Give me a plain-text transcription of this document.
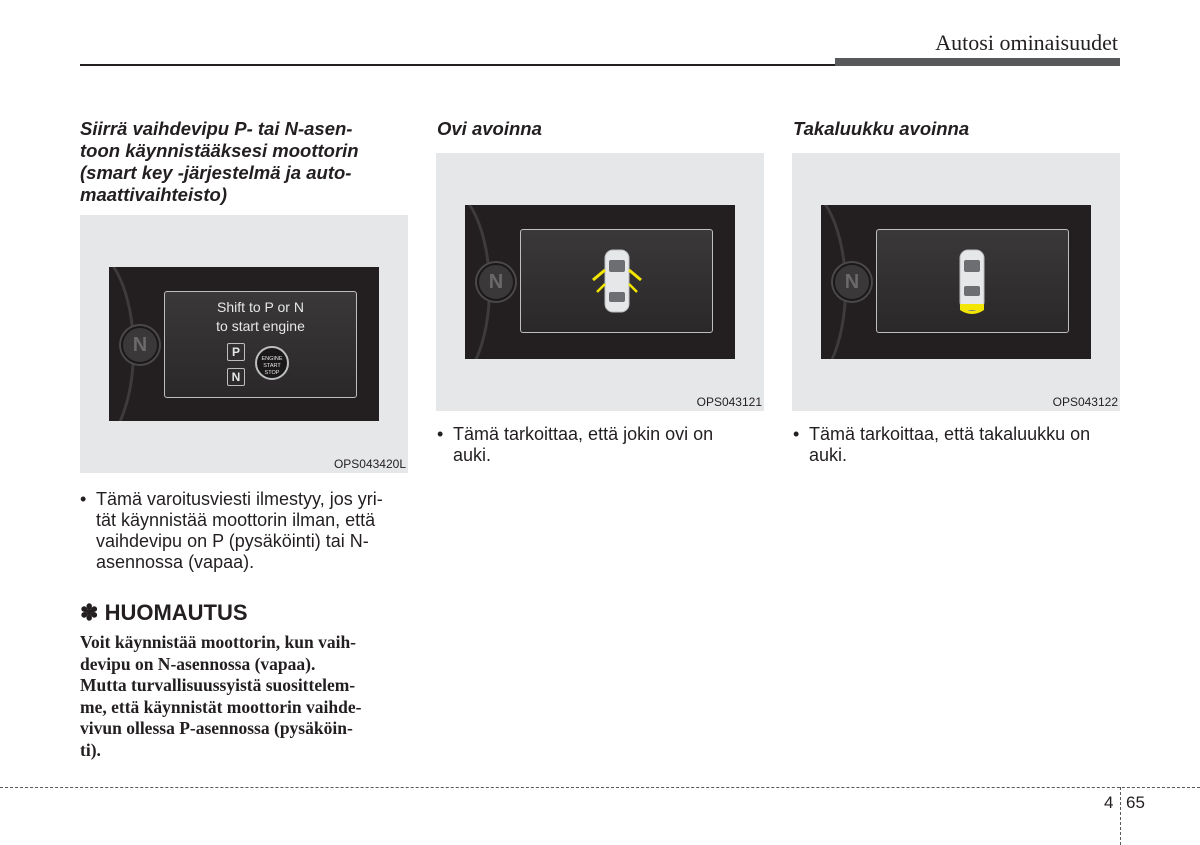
Autosi ominaisuudet
Siirrä vaihdevipu P- tai N-asen-
toon käynnistääksesi moottorin
(smart key -järjestelmä ja auto-
maattivaihteisto)
N
Shift to P or N
to start engine
P
N
ENGINE
START
STOP
OPS043420L
• Tämä varoitusviesti ilmestyy, jos yri-
tät käynnistää moottorin ilman, että
vaihdevipu on P (pysäköinti) tai N-
asennossa (vapaa).
✽ HUOMAUTUS
Voit käynnistää moottorin, kun vaih-
devipu on N-asennossa (vapaa).
Mutta turvallisuussyistä suosittelem-
me, että käynnistät moottorin vaihde-
vivun ollessa P-asennossa (pysäköin-
ti).
Ovi avoinna
N
OPS043121
• Tämä tarkoittaa, että jokin ovi on
auki.
Takaluukku avoinna
N
OPS043122
• Tämä tarkoittaa, että takaluukku on
auki.
4 65
